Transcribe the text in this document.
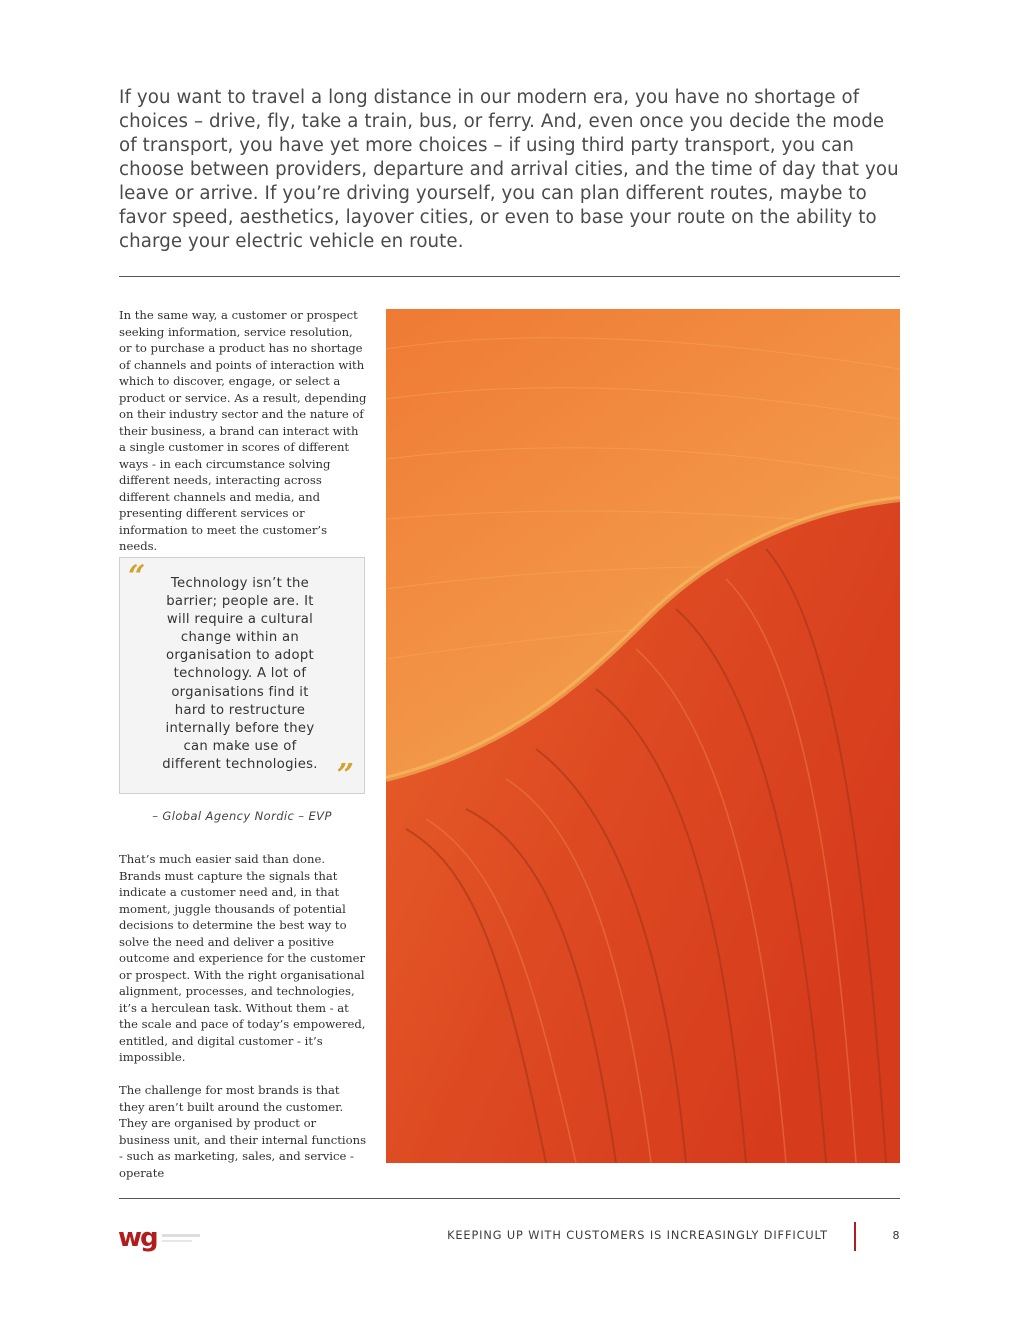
If you want to travel a long distance in our modern era, you have no shortage of choices – drive, fly, take a train, bus, or ferry. And, even once you decide the mode of transport, you have yet more choices – if using third party transport, you can choose between providers, departure and arrival cities, and the time of day that you leave or arrive. If you’re driving yourself, you can plan different routes, maybe to favor speed, aesthetics, layover cities, or even to base your route on the ability to charge your electric vehicle en route.

In the same way, a customer or prospect seeking information, service resolution, or to purchase a product has no shortage of channels and points of interaction with which to discover, engage, or select a product or service. As a result, depending on their industry sector and the nature of their business, a brand can interact with a single customer in scores of different ways - in each circumstance solving different needs, interacting across different channels and media, and presenting different services or information to meet the customer’s needs.

“	Technology isn’t the barrier; people are. It will require a cultural change within an organisation to adopt technology. A lot of organisations find it hard to restructure internally before they can make use of different technologies. ”
– Global Agency Nordic – EVP

That’s much easier said than done. Brands must capture the signals that indicate a customer need and, in that moment, juggle thousands of potential decisions to determine the best way to solve the need and deliver a positive outcome and experience for the customer or prospect. With the right organisational alignment, processes, and technologies, it’s a herculean task. Without them - at the scale and pace of today’s empowered, entitled, and digital customer - it’s impossible.

The challenge for most brands is that they aren’t built around the customer. They are organised by product or business unit, and their internal functions - such as marketing, sales, and service - operate

wg	KEEPING UP WITH CUSTOMERS IS INCREASINGLY DIFFICULT	8
